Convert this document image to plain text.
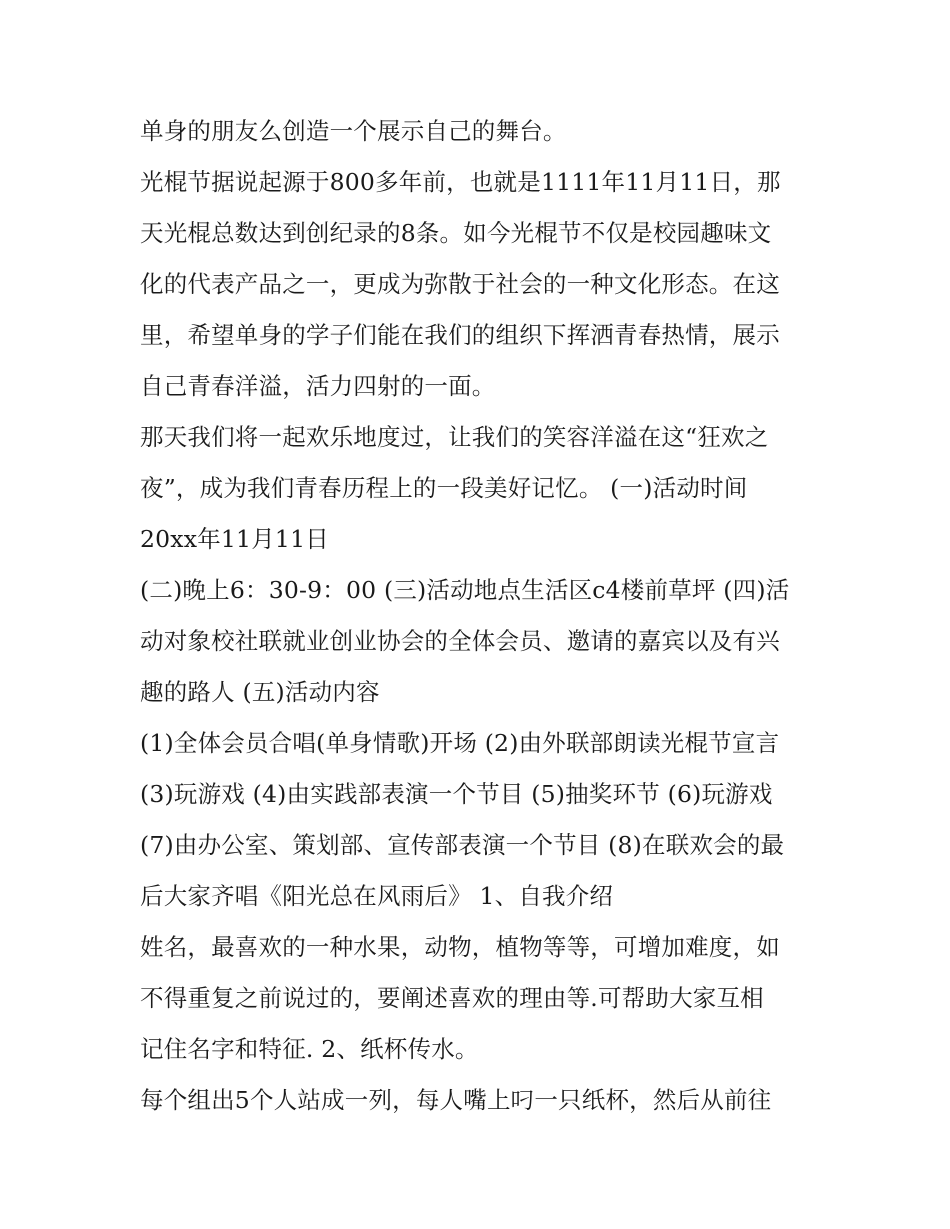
单身的朋友么创造一个展示自己的舞台。
光棍节据说起源于800多年前，也就是1111年11月11日，那
天光棍总数达到创纪录的8条。如今光棍节不仅是校园趣味文
化的代表产品之一，更成为弥散于社会的一种文化形态。在这
里，希望单身的学子们能在我们的组织下挥洒青春热情，展示
自己青春洋溢，活力四射的一面。
那天我们将一起欢乐地度过，让我们的笑容洋溢在这“狂欢之
夜”，成为我们青春历程上的一段美好记忆。 (一)活动时间
20xx年11月11日
(二)晚上6：30-9：00 (三)活动地点生活区c4楼前草坪 (四)活
动对象校社联就业创业协会的全体会员、邀请的嘉宾以及有兴
趣的路人 (五)活动内容
(1)全体会员合唱(单身情歌)开场 (2)由外联部朗读光棍节宣言
(3)玩游戏 (4)由实践部表演一个节目 (5)抽奖环节 (6)玩游戏
(7)由办公室、策划部、宣传部表演一个节目 (8)在联欢会的最
后大家齐唱《阳光总在风雨后》 1、自我介绍
姓名，最喜欢的一种水果，动物，植物等等，可增加难度，如
不得重复之前说过的，要阐述喜欢的理由等.可帮助大家互相
记住名字和特征. 2、纸杯传水。
每个组出5个人站成一列，每人嘴上叼一只纸杯，然后从前往
